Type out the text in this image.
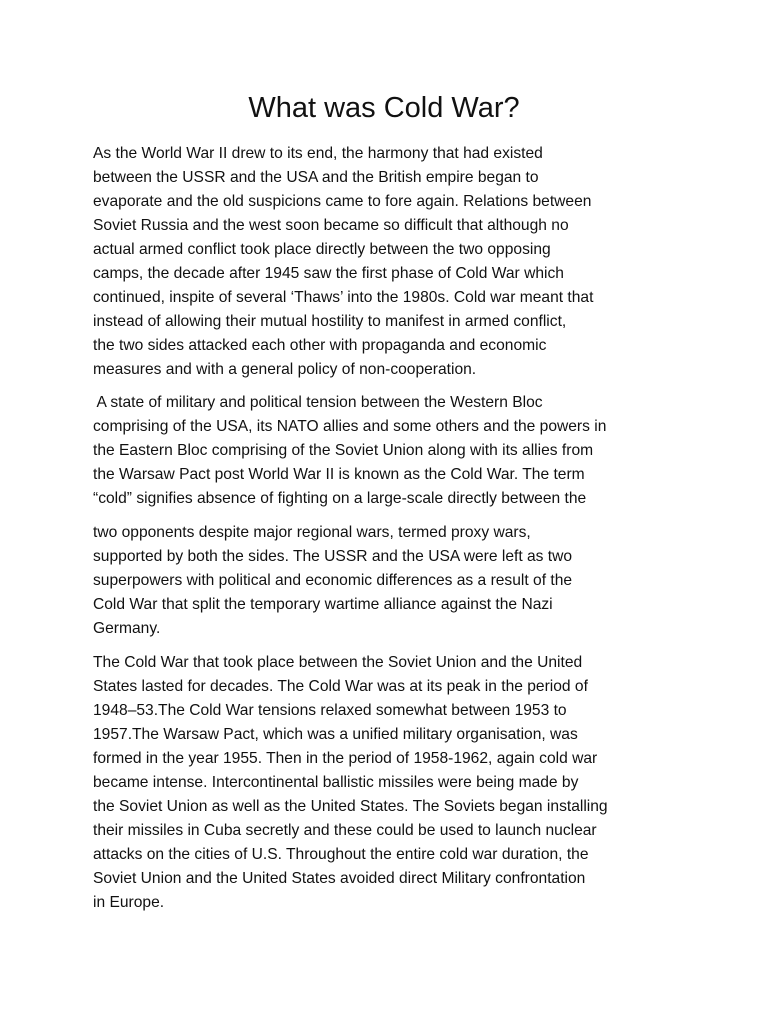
What was Cold War?

As the World War II drew to its end, the harmony that had existed
between the USSR and the USA and the British empire began to
evaporate and the old suspicions came to fore again. Relations between
Soviet Russia and the west soon became so difficult that although no
actual armed conflict took place directly between the two opposing
camps, the decade after 1945 saw the first phase of Cold War which
continued, inspite of several ‘Thaws’ into the 1980s. Cold war meant that
instead of allowing their mutual hostility to manifest in armed conflict,
the two sides attacked each other with propaganda and economic
measures and with a general policy of non-cooperation.

A state of military and political tension between the Western Bloc
comprising of the USA, its NATO allies and some others and the powers in
the Eastern Bloc comprising of the Soviet Union along with its allies from
the Warsaw Pact post World War II is known as the Cold War. The term
“cold” signifies absence of fighting on a large-scale directly between the

two opponents despite major regional wars, termed proxy wars,
supported by both the sides. The USSR and the USA were left as two
superpowers with political and economic differences as a result of the
Cold War that split the temporary wartime alliance against the Nazi
Germany.

The Cold War that took place between the Soviet Union and the United
States lasted for decades. The Cold War was at its peak in the period of
1948–53.The Cold War tensions relaxed somewhat between 1953 to
1957.The Warsaw Pact, which was a unified military organisation, was
formed in the year 1955. Then in the period of 1958-1962, again cold war
became intense. Intercontinental ballistic missiles were being made by
the Soviet Union as well as the United States. The Soviets began installing
their missiles in Cuba secretly and these could be used to launch nuclear
attacks on the cities of U.S. Throughout the entire cold war duration, the
Soviet Union and the United States avoided direct Military confrontation
in Europe.
